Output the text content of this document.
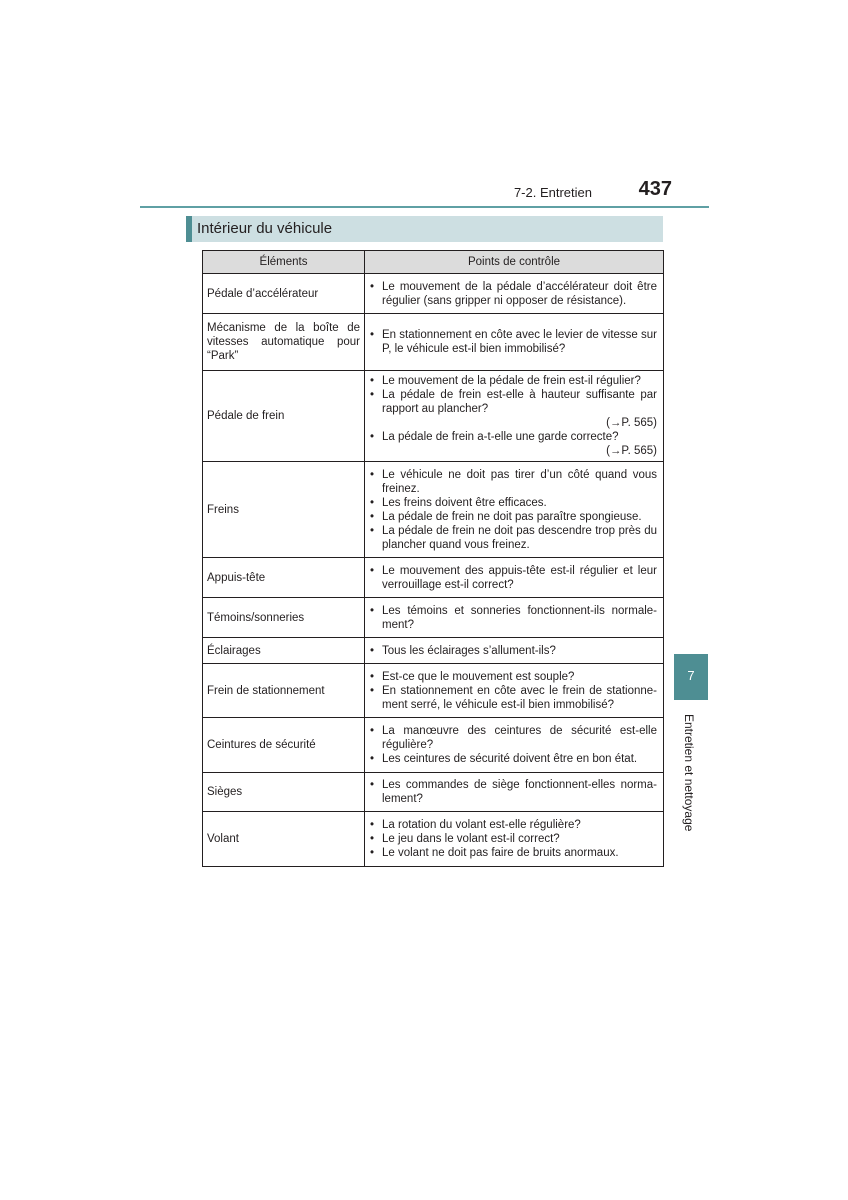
7-2. Entretien	437
Intérieur du véhicule
Éléments	Points de contrôle
Pédale d’accélérateur	• Le mouvement de la pédale d’accélérateur doit être régulier (sans gripper ni opposer de résistance).

Mécanisme de la boîte de vitesses automatique pour “Park”	• En stationnement en côte avec le levier de vitesse sur P, le véhicule est-il bien immobilisé?

Pédale de frein	• Le mouvement de la pédale de frein est-il régulier?
• La pédale de frein est-elle à hauteur suffisante par rapport au plancher?
(→P. 565)
• La pédale de frein a-t-elle une garde correcte?
(→P. 565)

Freins	• Le véhicule ne doit pas tirer d’un côté quand vous freinez.
• Les freins doivent être efficaces.
• La pédale de frein ne doit pas paraître spongieuse.
• La pédale de frein ne doit pas descendre trop près du plancher quand vous freinez.

Appuis-tête	• Le mouvement des appuis-tête est-il régulier et leur verrouillage est-il correct?

Témoins/sonneries	• Les témoins et sonneries fonctionnent-ils normale-ment?

Éclairages	• Tous les éclairages s’allument-ils?

Frein de stationnement	• Est-ce que le mouvement est souple?
• En stationnement en côte avec le frein de stationne-ment serré, le véhicule est-il bien immobilisé?

Ceintures de sécurité	• La manœuvre des ceintures de sécurité est-elle régulière?
• Les ceintures de sécurité doivent être en bon état.

Sièges	• Les commandes de siège fonctionnent-elles norma-lement?

Volant	• La rotation du volant est-elle régulière?
• Le jeu dans le volant est-il correct?
• Le volant ne doit pas faire de bruits anormaux.
7
Entretien et nettoyage
